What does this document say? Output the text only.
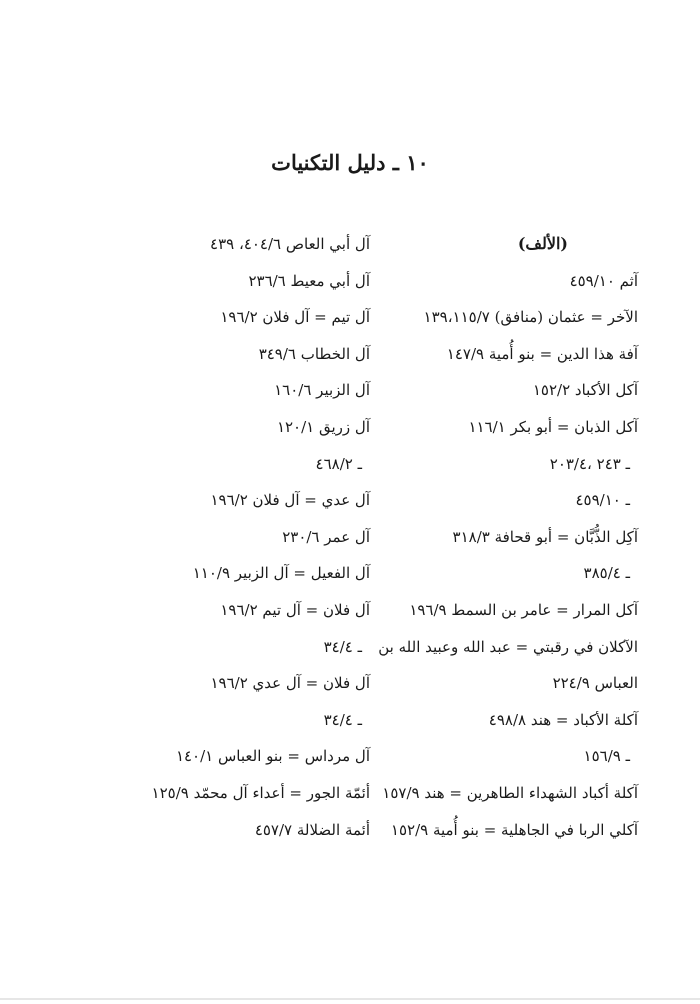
١٠ ـ دليل التكنيات
(الألف)
آثم ٤٥٩/١٠
الآخر = عثمان (منافق) ١٣٩،١١٥/٧
آفة هذا الدين = بنو أُمية ١٤٧/٩
آكل الأكباد ١٥٢/٢
آكل الذبان = أبو بكر ١١٦/١
ـ ٢٤٣ ،٢٠٣/٤
ـ ٤٥٩/١٠
آكِل الذُّبَّان = أبو قحافة ٣١٨/٣
ـ ٣٨٥/٤
آكل المرار = عامر بن السمط ١٩٦/٩
الآكلان في رقبتي = عبد الله وعبيد الله بن
العباس ٢٢٤/٩
آكلة الأكباد = هند ٤٩٨/٨
ـ ١٥٦/٩
آكلة أكباد الشهداء الطاهرين = هند ١٥٧/٩
آكلي الربا في الجاهلية = بنو أُمية ١٥٢/٩
آل أبي العاص ٤٠٤/٦، ٤٣٩
آل أبي معيط ٢٣٦/٦
آل تيم = آل فلان ١٩٦/٢
آل الخطاب ٣٤٩/٦
آل الزبير ١٦٠/٦
آل زريق ١٢٠/١
ـ ٤٦٨/٢
آل عدي = آل فلان ١٩٦/٢
آل عمر ٢٣٠/٦
آل الفعيل = آل الزبير ١١٠/٩
آل فلان = آل تيم ١٩٦/٢
ـ ٣٤/٤
آل فلان = آل عدي ١٩٦/٢
ـ ٣٤/٤
آل مرداس = بنو العباس ١٤٠/١
أئمّة الجور = أعداء آل محمّد ١٢٥/٩
أئمة الضلالة ٤٥٧/٧
